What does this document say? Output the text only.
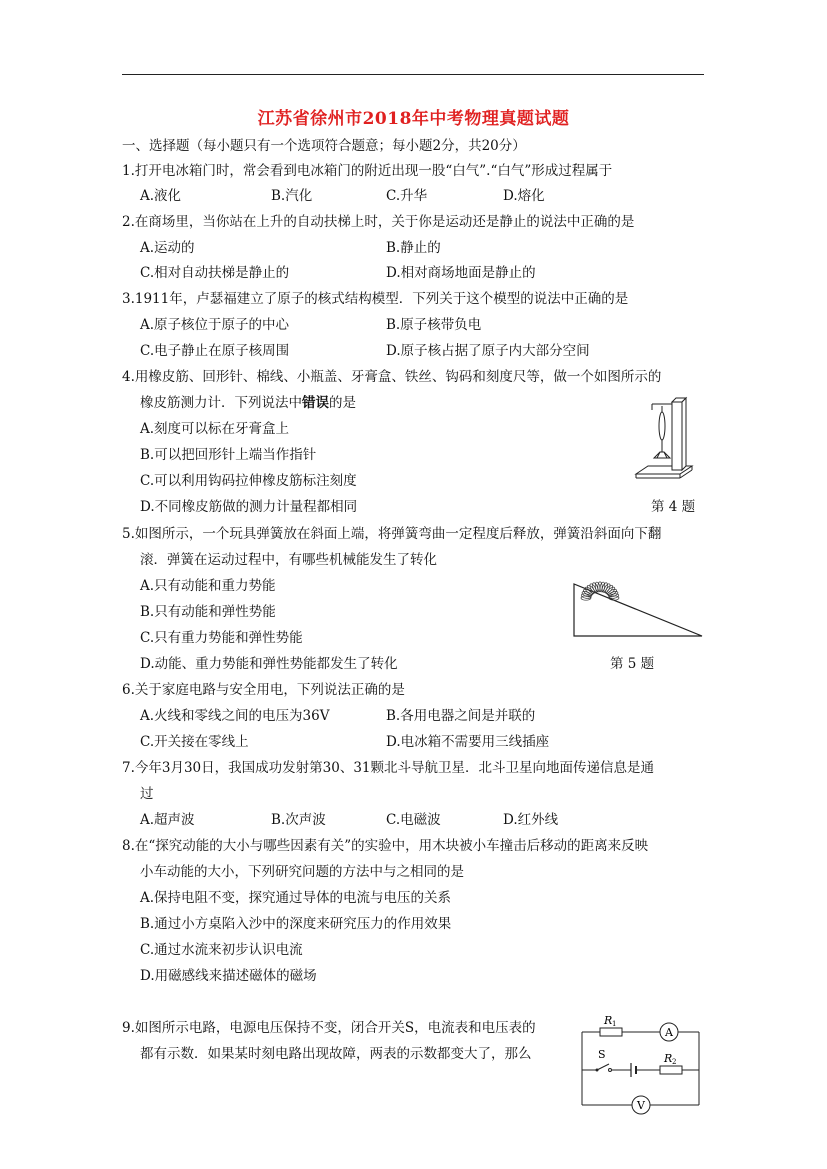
江苏省徐州市2018年中考物理真题试题
一、选择题（每小题只有一个选项符合题意；每小题2分，共20分）
1.打开电冰箱门时，常会看到电冰箱门的附近出现一股“白气”.“白气”形成过程属于
A.液化	B.汽化	C.升华	D.熔化
2.在商场里，当你站在上升的自动扶梯上时，关于你是运动还是静止的说法中正确的是
A.运动的	B.静止的
C.相对自动扶梯是静止的	D.相对商场地面是静止的
3.1911年，卢瑟福建立了原子的核式结构模型．下列关于这个模型的说法中正确的是
A.原子核位于原子的中心	B.原子核带负电
C.电子静止在原子核周围	D.原子核占据了原子内大部分空间
4.用橡皮筋、回形针、棉线、小瓶盖、牙膏盒、铁丝、钩码和刻度尺等，做一个如图所示的
橡皮筋测力计．下列说法中错误的是
A.刻度可以标在牙膏盒上
B.可以把回形针上端当作指针
C.可以利用钩码拉伸橡皮筋标注刻度
D.不同橡皮筋做的测力计量程都相同	第 4 题
5.如图所示，一个玩具弹簧放在斜面上端，将弹簧弯曲一定程度后释放，弹簧沿斜面向下翻
滚．弹簧在运动过程中，有哪些机械能发生了转化
A.只有动能和重力势能
B.只有动能和弹性势能
C.只有重力势能和弹性势能
D.动能、重力势能和弹性势能都发生了转化	第 5 题
6.关于家庭电路与安全用电，下列说法正确的是
A.火线和零线之间的电压为36V	B.各用电器之间是并联的
C.开关接在零线上	D.电冰箱不需要用三线插座
7.今年3月30日，我国成功发射第30、31颗北斗导航卫星．北斗卫星向地面传递信息是通
过
A.超声波	B.次声波	C.电磁波	D.红外线
8.在“探究动能的大小与哪些因素有关”的实验中，用木块被小车撞击后移动的距离来反映
小车动能的大小，下列研究问题的方法中与之相同的是
A.保持电阻不变，探究通过导体的电流与电压的关系
B.通过小方桌陷入沙中的深度来研究压力的作用效果
C.通过水流来初步认识电流
D.用磁感线来描述磁体的磁场
9.如图所示电路，电源电压保持不变，闭合开关S，电流表和电压表的
都有示数．如果某时刻电路出现故障，两表的示数都变大了，那么
R 1
A
S	R 2
V
